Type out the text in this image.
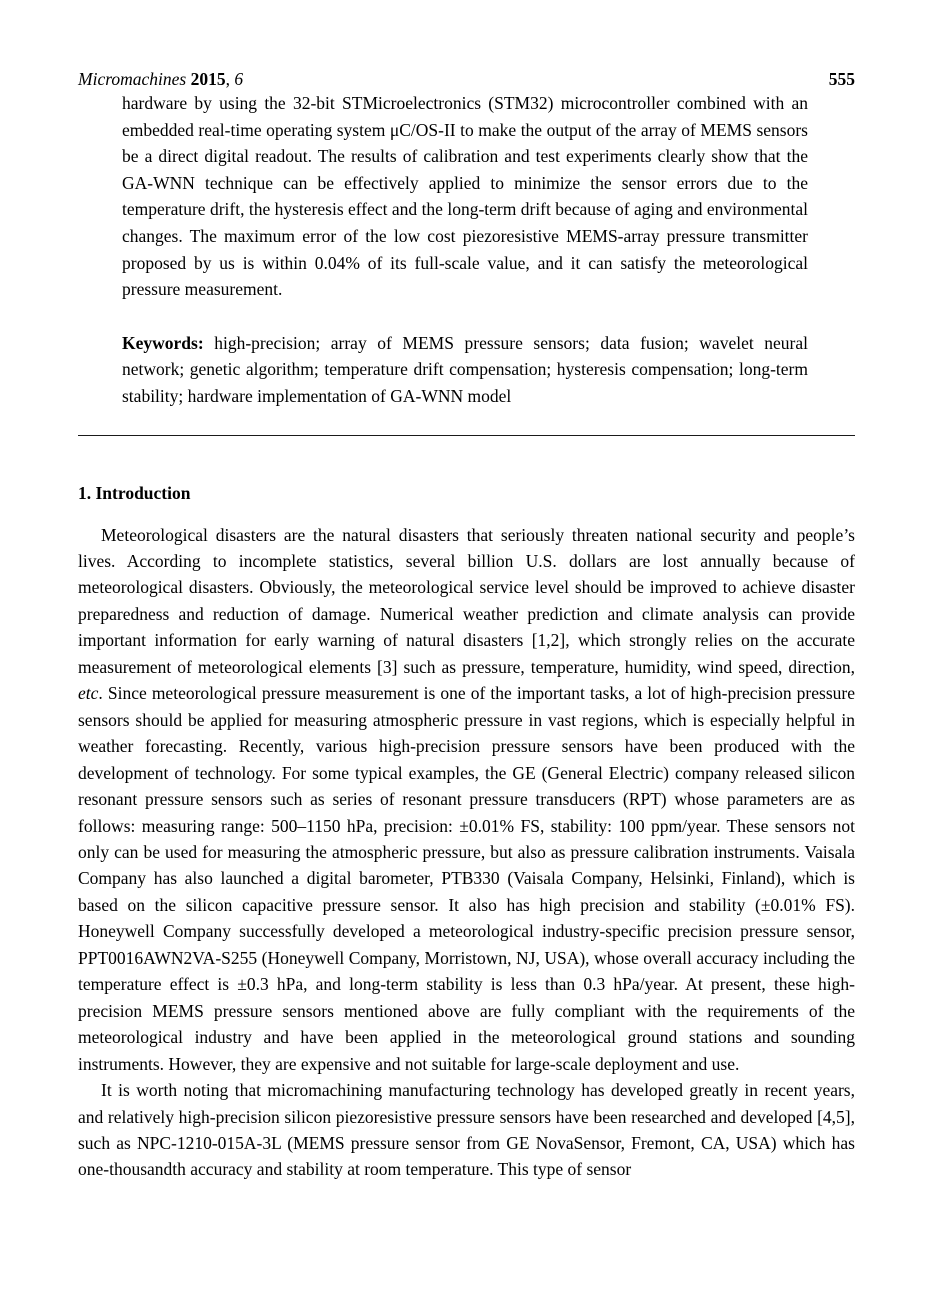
Micromachines 2015, 6	555

hardware by using the 32-bit STMicroelectronics (STM32) microcontroller combined with an embedded real-time operating system μC/OS-II to make the output of the array of MEMS sensors be a direct digital readout. The results of calibration and test experiments clearly show that the GA-WNN technique can be effectively applied to minimize the sensor errors due to the temperature drift, the hysteresis effect and the long-term drift because of aging and environmental changes. The maximum error of the low cost piezoresistive MEMS-array pressure transmitter proposed by us is within 0.04% of its full-scale value, and it can satisfy the meteorological pressure measurement.

Keywords: high-precision; array of MEMS pressure sensors; data fusion; wavelet neural network; genetic algorithm; temperature drift compensation; hysteresis compensation; long-term stability; hardware implementation of GA-WNN model

1. Introduction

Meteorological disasters are the natural disasters that seriously threaten national security and people’s lives. According to incomplete statistics, several billion U.S. dollars are lost annually because of meteorological disasters. Obviously, the meteorological service level should be improved to achieve disaster preparedness and reduction of damage. Numerical weather prediction and climate analysis can provide important information for early warning of natural disasters [1,2], which strongly relies on the accurate measurement of meteorological elements [3] such as pressure, temperature, humidity, wind speed, direction, etc. Since meteorological pressure measurement is one of the important tasks, a lot of high-precision pressure sensors should be applied for measuring atmospheric pressure in vast regions, which is especially helpful in weather forecasting. Recently, various high-precision pressure sensors have been produced with the development of technology. For some typical examples, the GE (General Electric) company released silicon resonant pressure sensors such as series of resonant pressure transducers (RPT) whose parameters are as follows: measuring range: 500–1150 hPa, precision: ±0.01% FS, stability: 100 ppm/year. These sensors not only can be used for measuring the atmospheric pressure, but also as pressure calibration instruments. Vaisala Company has also launched a digital barometer, PTB330 (Vaisala Company, Helsinki, Finland), which is based on the silicon capacitive pressure sensor. It also has high precision and stability (±0.01% FS). Honeywell Company successfully developed a meteorological industry-specific precision pressure sensor, PPT0016AWN2VA-S255 (Honeywell Company, Morristown, NJ, USA), whose overall accuracy including the temperature effect is ±0.3 hPa, and long-term stability is less than 0.3 hPa/year. At present, these high-precision MEMS pressure sensors mentioned above are fully compliant with the requirements of the meteorological industry and have been applied in the meteorological ground stations and sounding instruments. However, they are expensive and not suitable for large-scale deployment and use.

It is worth noting that micromachining manufacturing technology has developed greatly in recent years, and relatively high-precision silicon piezoresistive pressure sensors have been researched and developed [4,5], such as NPC-1210-015A-3L (MEMS pressure sensor from GE NovaSensor, Fremont, CA, USA) which has one-thousandth accuracy and stability at room temperature. This type of sensor
